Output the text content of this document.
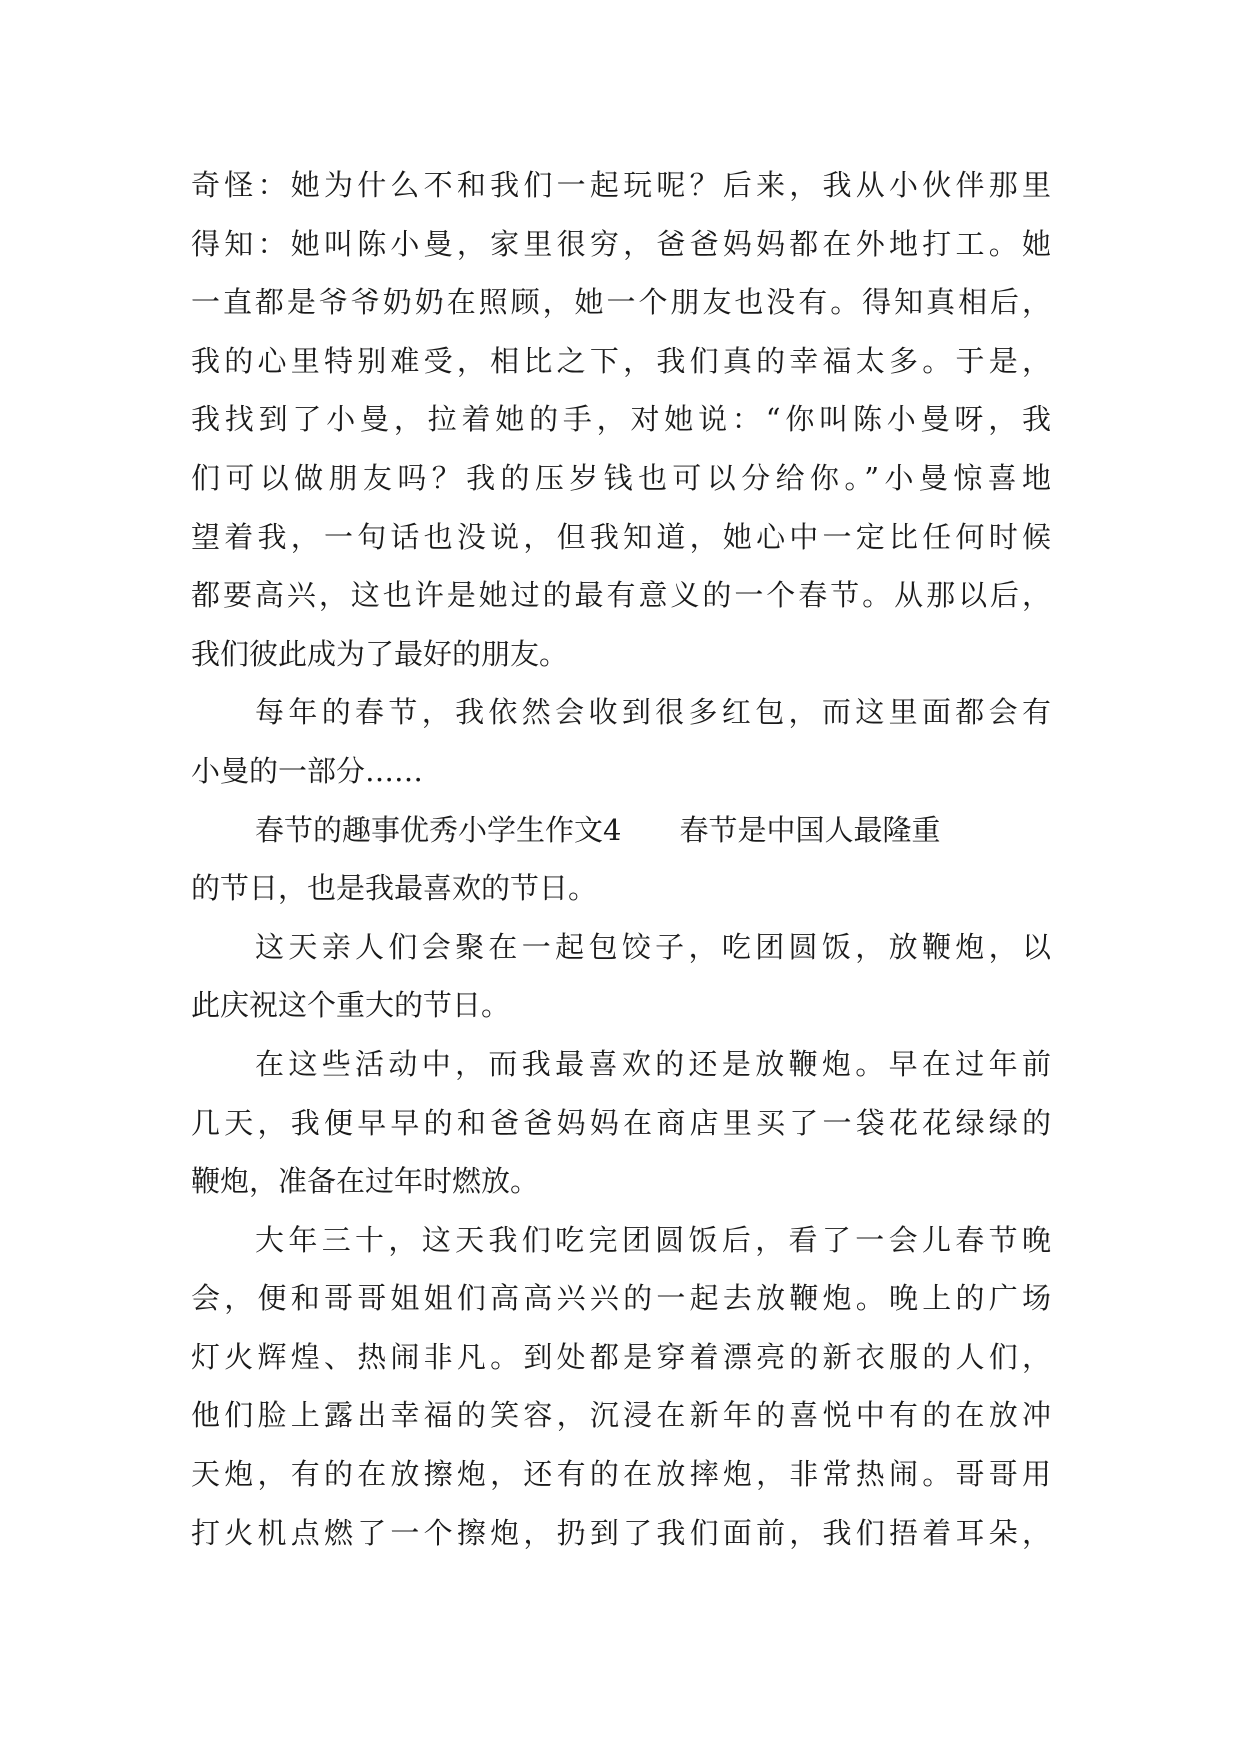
奇怪：她为什么不和我们一起玩呢？后来，我从小伙伴那里
得知：她叫陈小曼，家里很穷，爸爸妈妈都在外地打工。她
一直都是爷爷奶奶在照顾，她一个朋友也没有。得知真相后，
我的心里特别难受，相比之下，我们真的幸福太多。于是，
我找到了小曼，拉着她的手，对她说：“你叫陈小曼呀，我
们可以做朋友吗？我的压岁钱也可以分给你。”小曼惊喜地
望着我，一句话也没说，但我知道，她心中一定比任何时候
都要高兴，这也许是她过的最有意义的一个春节。从那以后，
我们彼此成为了最好的朋友。
每年的春节，我依然会收到很多红包，而这里面都会有
小曼的一部分……
春节的趣事优秀小学生作文4 春节是中国人最隆重
的节日，也是我最喜欢的节日。
这天亲人们会聚在一起包饺子，吃团圆饭，放鞭炮，以
此庆祝这个重大的节日。
在这些活动中，而我最喜欢的还是放鞭炮。早在过年前
几天，我便早早的和爸爸妈妈在商店里买了一袋花花绿绿的
鞭炮，准备在过年时燃放。
大年三十，这天我们吃完团圆饭后，看了一会儿春节晚
会，便和哥哥姐姐们高高兴兴的一起去放鞭炮。晚上的广场
灯火辉煌、热闹非凡。到处都是穿着漂亮的新衣服的人们，
他们脸上露出幸福的笑容，沉浸在新年的喜悦中有的在放冲
天炮，有的在放擦炮，还有的在放摔炮，非常热闹。哥哥用
打火机点燃了一个擦炮，扔到了我们面前，我们捂着耳朵，
